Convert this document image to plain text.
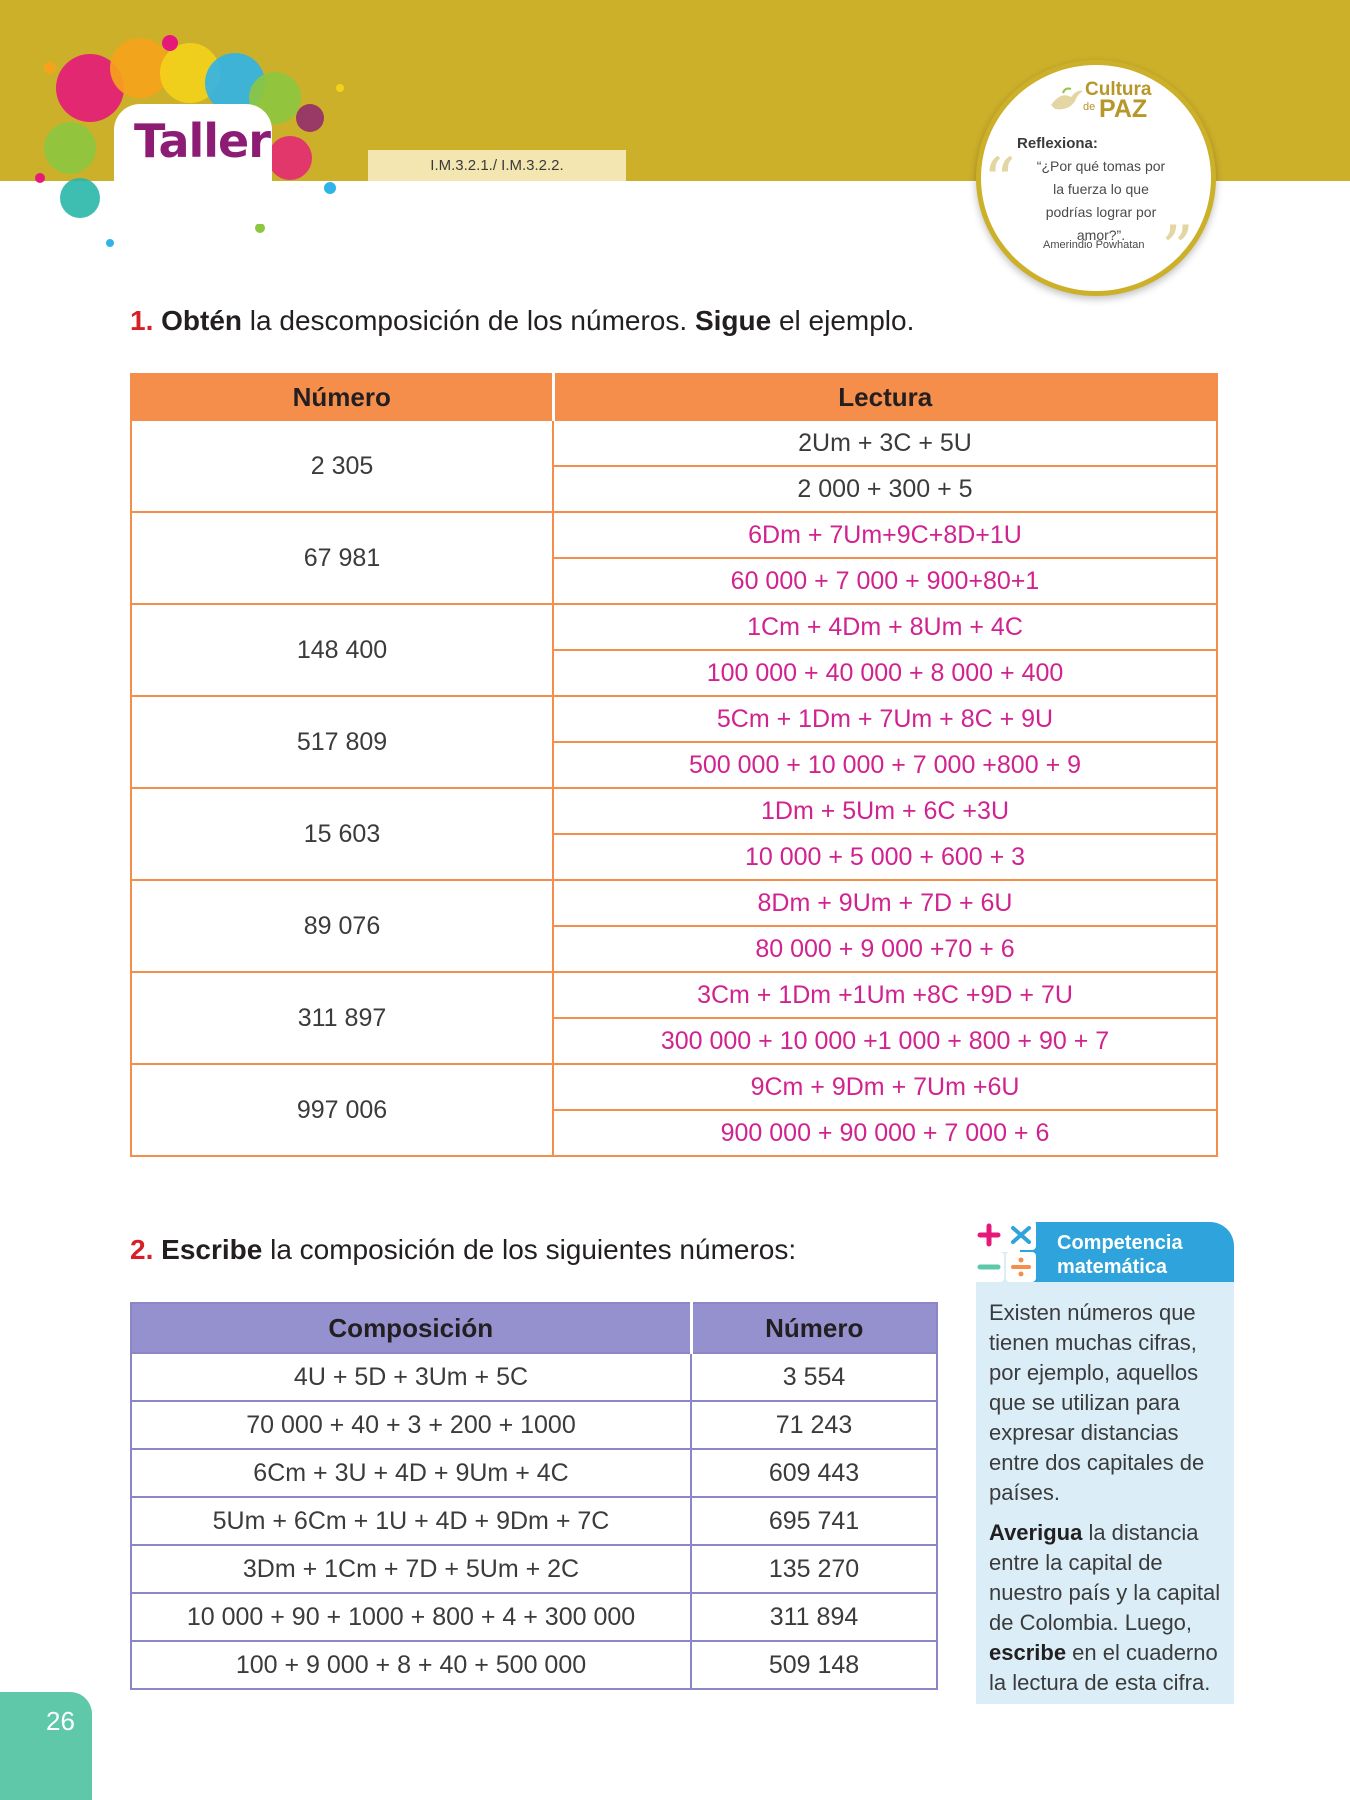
Taller	I.M.3.2.1./ I.M.3.2.2.
Cultura
de PAZ
“
Reflexiona:
“¿Por qué tomas por la fuerza lo que podrías lograr por amor?”.
Amerindio Powhatan ”
1. Obtén la descomposición de los números. Sigue el ejemplo.
Número	Lectura
2 305	2Um + 3C + 5U
	2 000 + 300 + 5
67 981	6Dm + 7Um+9C+8D+1U
	60 000 + 7 000 + 900+80+1
148 400	1Cm + 4Dm + 8Um + 4C
	100 000 + 40 000 + 8 000 + 400
517 809	5Cm + 1Dm + 7Um + 8C + 9U
	500 000 + 10 000 + 7 000 +800 + 9
15 603	1Dm + 5Um + 6C +3U
	10 000 + 5 000 + 600 + 3
89 076	8Dm + 9Um + 7D + 6U
	80 000 + 9 000 +70 + 6
311 897	3Cm + 1Dm +1Um +8C +9D + 7U
	300 000 + 10 000 +1 000 + 800 + 90 + 7
997 006	9Cm + 9Dm + 7Um +6U
	900 000 + 90 000 + 7 000 + 6
2. Escribe la composición de los siguientes números:
Composición	Número
4U + 5D + 3Um + 5C	3 554
70 000 + 40 + 3 + 200 + 1000	71 243
6Cm + 3U + 4D + 9Um + 4C	609 443
5Um + 6Cm + 1U + 4D + 9Dm + 7C	695 741
3Dm + 1Cm + 7D + 5Um + 2C	135 270
10 000 + 90 + 1000 + 800 + 4 + 300 000	311 894
100 + 9 000 + 8 + 40 + 500 000	509 148
Competencia
matemática

Existen números que tienen muchas cifras, por ejemplo, aquellos que se utilizan para expresar distancias entre dos capitales de países.

Averigua la distancia entre la capital de nuestro país y la capital de Colombia. Luego, escribe en el cuaderno la lectura de esta cifra.

26
